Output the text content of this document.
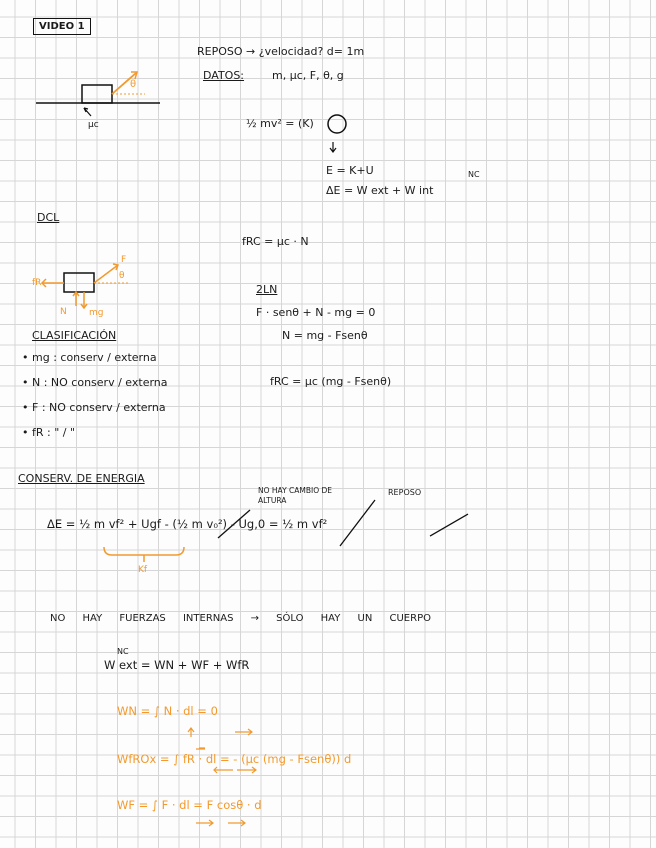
VIDEO 1
REPOSO → ¿velocidad? d= 1m
DATOS:	m, μc, F, θ, g
μc
θ
½ mv² = (K)
E = K+U	NC
ΔE = W ext + W int
DCL
fRC = μc · N
fR
N mg
F
θ
2LN
F · senθ + N - mg = 0
N = mg - Fsenθ
fRC = μc (mg - Fsenθ)
CLASIFICACIÓN
• mg : conserv / externa
• N : NO conserv / externa
• F : NO conserv / externa
• fR : " / "
CONSERV. DE ENERGIA
NO HAY CAMBIO DE ALTURA
REPOSO
ΔE = ½ m vf² + Ugf - (½ m v₀²) - Ug,0 = ½ m vf²
Kf
NO HAY FUERZAS INTERNAS → SÓLO HAY UN CUERPO
NC
W ext = WN + WF + WfR
WN = ∫ N · dl = 0
WfROx = ∫ fR · dl = - (μc (mg - Fsenθ)) d
WF = ∫ F · dl = F cosθ · d
